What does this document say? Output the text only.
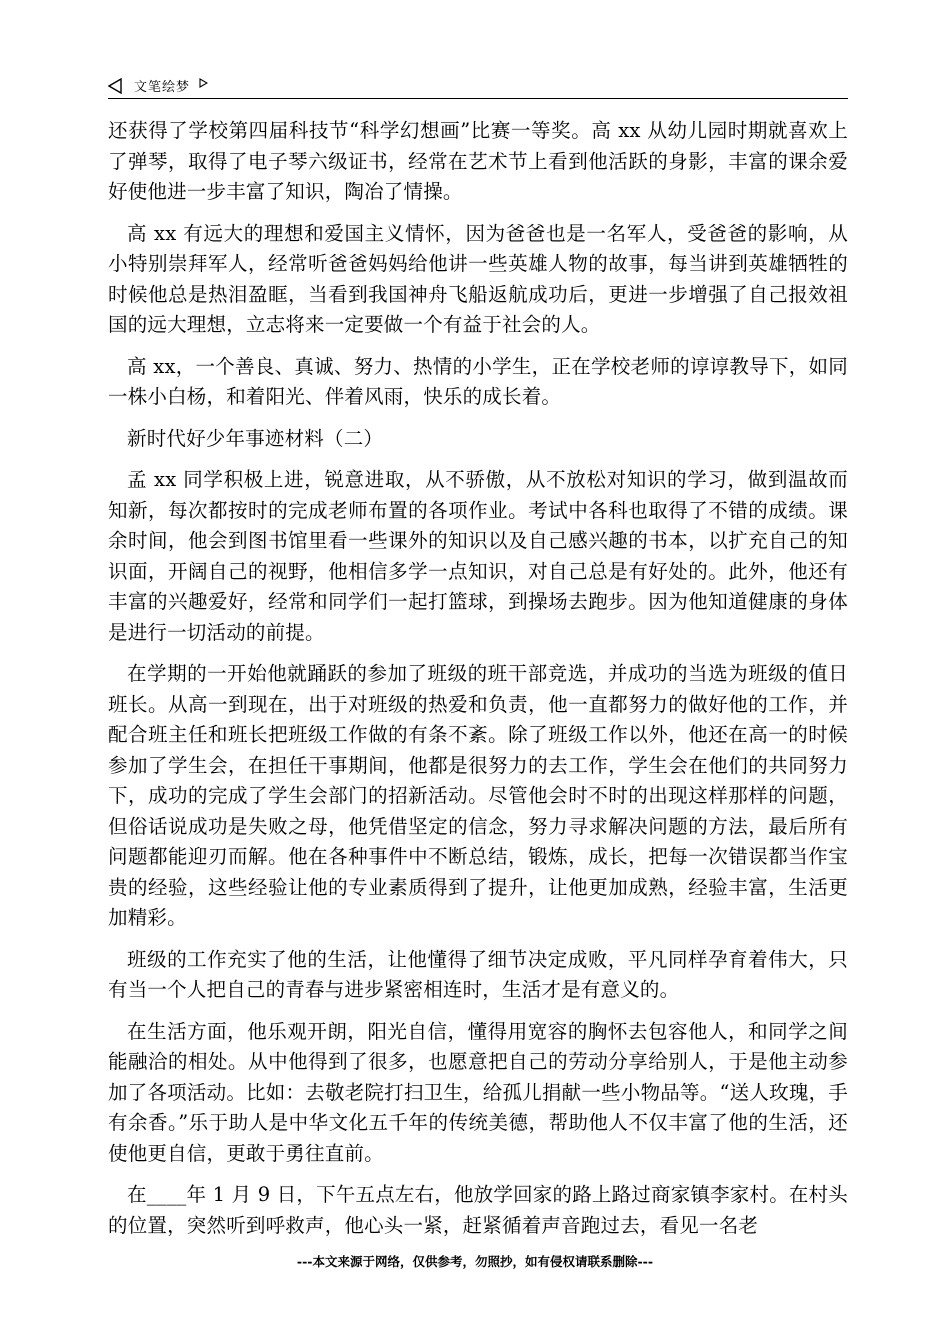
文笔绘梦

还获得了学校第四届科技节“科学幻想画”比赛一等奖。高 xx 从幼儿园时期就喜欢上了弹琴，取得了电子琴六级证书，经常在艺术节上看到他活跃的身影，丰富的课余爱好使他进一步丰富了知识，陶冶了情操。

高 xx 有远大的理想和爱国主义情怀，因为爸爸也是一名军人，受爸爸的影响，从小特别崇拜军人，经常听爸爸妈妈给他讲一些英雄人物的故事，每当讲到英雄牺牲的时候他总是热泪盈眶，当看到我国神舟飞船返航成功后，更进一步增强了自己报效祖国的远大理想，立志将来一定要做一个有益于社会的人。

高 xx，一个善良、真诚、努力、热情的小学生，正在学校老师的谆谆教导下，如同一株小白杨，和着阳光、伴着风雨，快乐的成长着。

新时代好少年事迹材料（二）

孟 xx 同学积极上进，锐意进取，从不骄傲，从不放松对知识的学习，做到温故而知新，每次都按时的完成老师布置的各项作业。考试中各科也取得了不错的成绩。课余时间，他会到图书馆里看一些课外的知识以及自己感兴趣的书本，以扩充自己的知识面，开阔自己的视野，他相信多学一点知识，对自己总是有好处的。此外，他还有丰富的兴趣爱好，经常和同学们一起打篮球，到操场去跑步。因为他知道健康的身体是进行一切活动的前提。

在学期的一开始他就踊跃的参加了班级的班干部竞选，并成功的当选为班级的值日班长。从高一到现在，出于对班级的热爱和负责，他一直都努力的做好他的工作，并配合班主任和班长把班级工作做的有条不紊。除了班级工作以外，他还在高一的时候参加了学生会，在担任干事期间，他都是很努力的去工作，学生会在他们的共同努力下，成功的完成了学生会部门的招新活动。尽管他会时不时的出现这样那样的问题，但俗话说成功是失败之母，他凭借坚定的信念，努力寻求解决问题的方法，最后所有问题都能迎刃而解。他在各种事件中不断总结，锻炼，成长，把每一次错误都当作宝贵的经验，这些经验让他的专业素质得到了提升，让他更加成熟，经验丰富，生活更加精彩。

班级的工作充实了他的生活，让他懂得了细节决定成败，平凡同样孕育着伟大，只有当一个人把自己的青春与进步紧密相连时，生活才是有意义的。

在生活方面，他乐观开朗，阳光自信，懂得用宽容的胸怀去包容他人，和同学之间能融洽的相处。从中他得到了很多，也愿意把自己的劳动分享给别人，于是他主动参加了各项活动。比如：去敬老院打扫卫生，给孤儿捐献一些小物品等。“送人玫瑰，手有余香。”乐于助人是中华文化五千年的传统美德，帮助他人不仅丰富了他的生活，还使他更自信，更敢于勇往直前。

在____年 1 月 9 日，下午五点左右，他放学回家的路上路过商家镇李家村。在村头的位置，突然听到呼救声，他心头一紧，赶紧循着声音跑过去，看见一名老

---本文来源于网络，仅供参考，勿照抄，如有侵权请联系删除---
